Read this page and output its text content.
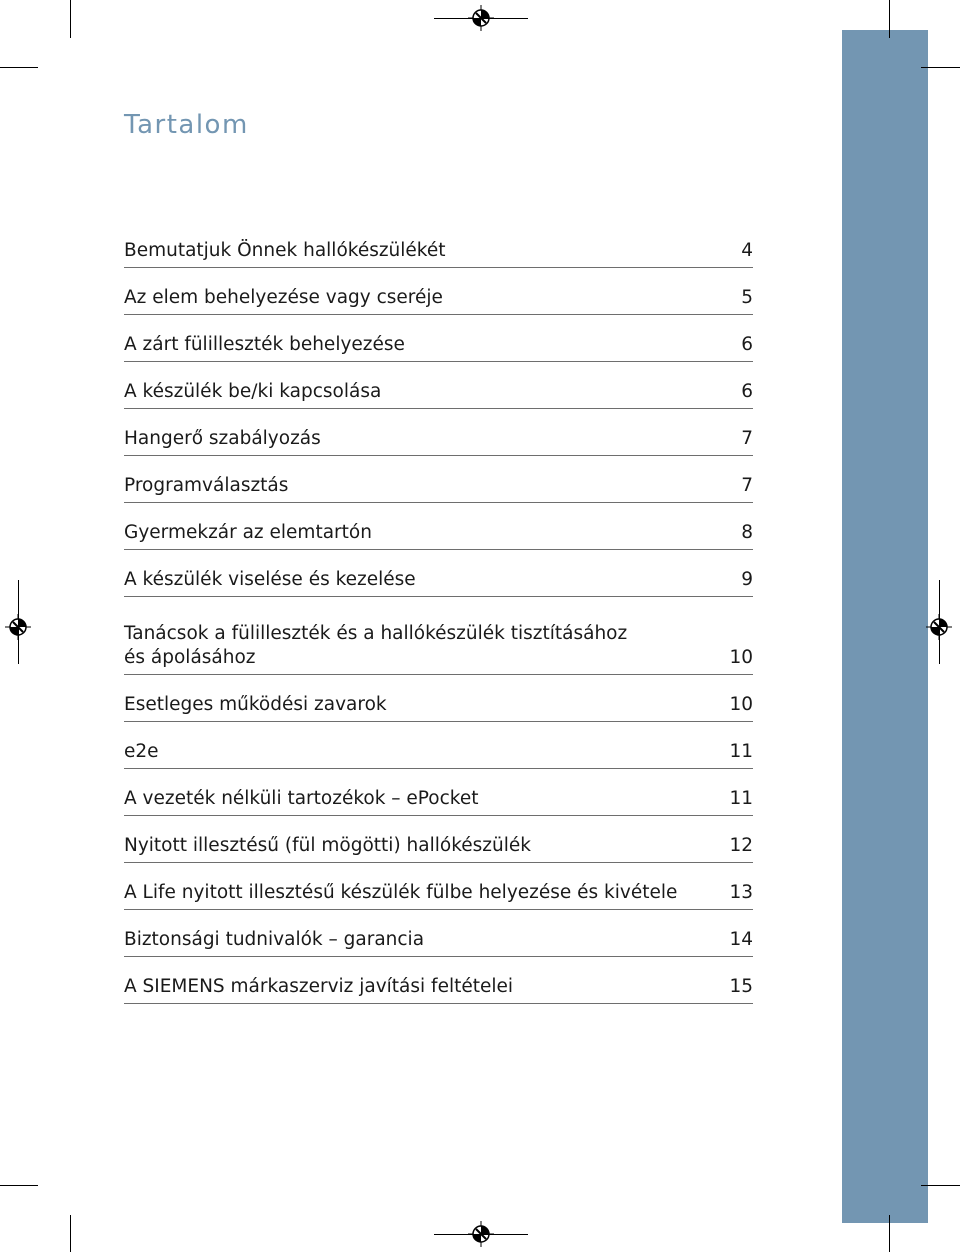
Tartalom
Bemutatjuk Önnek hallókészülékét	4
Az elem behelyezése vagy cseréje	5
A zárt fülilleszték behelyezése	6
A készülék be/ki kapcsolása	6
Hangerő szabályozás	7
Programválasztás	7
Gyermekzár az elemtartón	8
A készülék viselése és kezelése	9
Tanácsok a fülilleszték és a hallókészülék tisztításához
és ápolásához	10
Esetleges működési zavarok	10
e2e	11
A vezeték nélküli tartozékok – ePocket	11
Nyitott illesztésű (fül mögötti) hallókészülék	12
A Life nyitott illesztésű készülék fülbe helyezése és kivétele	13
Biztonsági tudnivalók – garancia	14
A SIEMENS márkaszerviz javítási feltételei	15
